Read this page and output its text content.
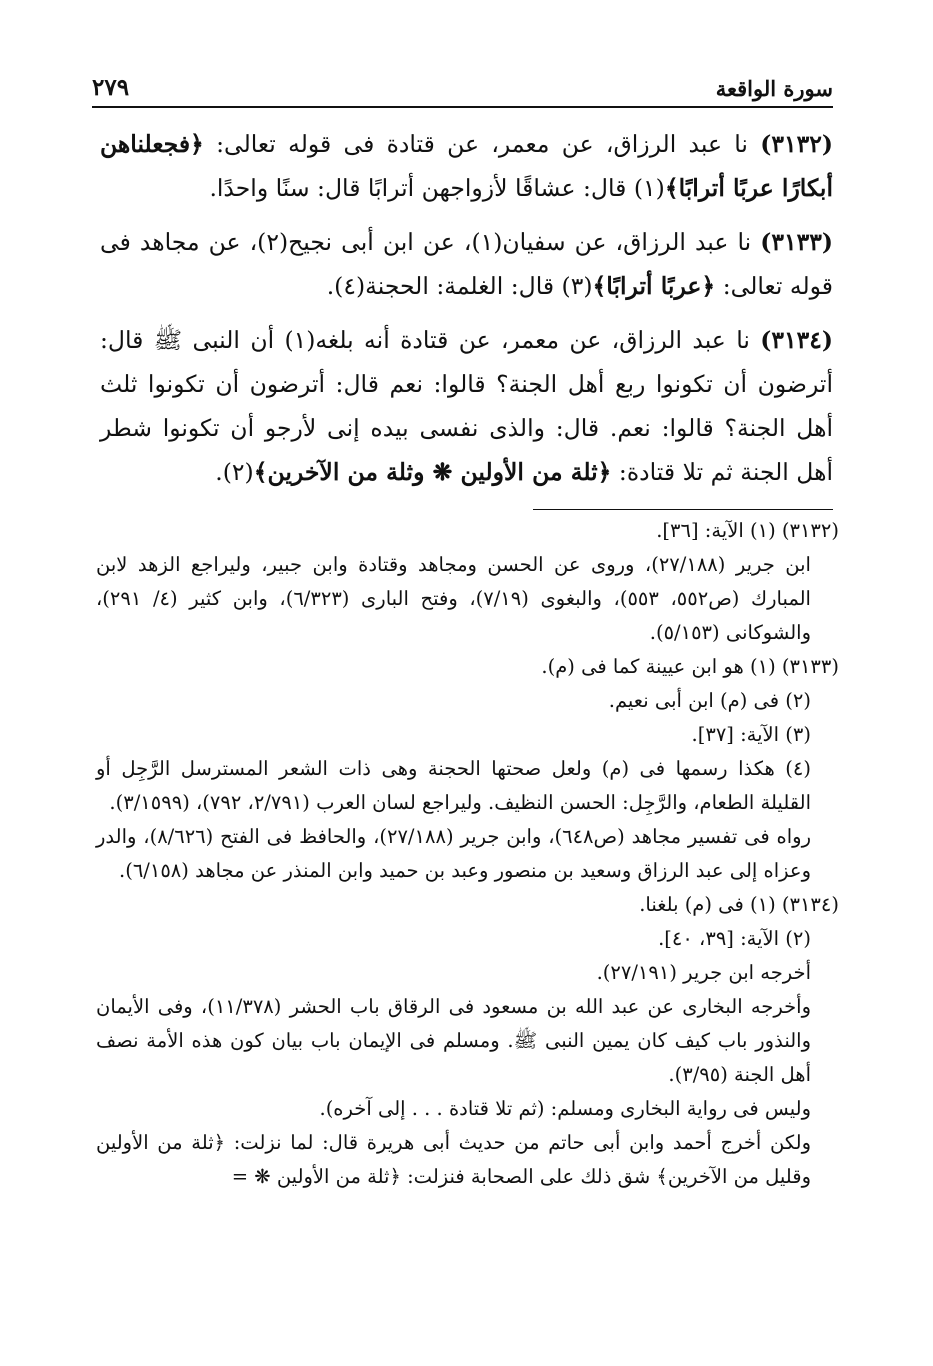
سورة الواقعة
٢٧٩

(٣١٣٢) نا عبد الرزاق، عن معمر، عن قتادة فى قوله تعالى: ﴿فجعلناهن أبكارًا عربًا أترابًا﴾(١) قال: عشاقًا لأزواجهن أترابًا قال: سنًا واحدًا.

(٣١٣٣) نا عبد الرزاق، عن سفيان(١)، عن ابن أبى نجيح(٢)، عن مجاهد فى قوله تعالى: ﴿عربًا أترابًا﴾(٣) قال: الغلمة: الحجنة(٤).

(٣١٣٤) نا عبد الرزاق، عن معمر، عن قتادة أنه بلغه(١) أن النبى ﷺ قال: أترضون أن تكونوا ربع أهل الجنة؟ قالوا: نعم قال: أترضون أن تكونوا ثلث أهل الجنة؟ قالوا: نعم. قال: والذى نفسى بيده إنى لأرجو أن تكونوا شطر أهل الجنة ثم تلا قتادة: ﴿ثلة من الأولين ❋ وثلة من الآخرين﴾(٢).

(٣١٣٢) (١) الآية: [٣٦].

ابن جرير (٢٧/١٨٨)، وروى عن الحسن ومجاهد وقتادة وابن جبير، وليراجع الزهد لابن المبارك (ص٥٥٢، ٥٥٣)، والبغوى (٧/١٩)، وفتح البارى (٦/٣٢٣)، وابن كثير (٤/ ٢٩١)، والشوكانى (٥/١٥٣).

(٣١٣٣) (١) هو ابن عيينة كما فى (م).

(٢) فى (م) ابن أبى نعيم.

(٣) الآية: [٣٧].

(٤) هكذا رسمها فى (م) ولعل صحتها الحجنة وهى ذات الشعر المسترسل الرَّجِل أو القليلة الطعام، والرَّجِل: الحسن النظيف. وليراجع لسان العرب (٢/٧٩١، ٧٩٢)، (٣/١٥٩٩).

رواه فى تفسير مجاهد (ص٦٤٨)، وابن جرير (٢٧/١٨٨)، والحافظ فى الفتح (٨/٦٢٦)، والدر وعزاه إلى عبد الرزاق وسعيد بن منصور وعبد بن حميد وابن المنذر عن مجاهد (٦/١٥٨).

(٣١٣٤) (١) فى (م) بلغنا.

(٢) الآية: [٣٩، ٤٠].

أخرجه ابن جرير (٢٧/١٩١).

وأخرجه البخارى عن عبد الله بن مسعود فى الرقاق باب الحشر (١١/٣٧٨)، وفى الأيمان والنذور باب كيف كان يمين النبى ﷺ. ومسلم فى الإيمان باب بيان كون هذه الأمة نصف أهل الجنة (٣/٩٥).

وليس فى رواية البخارى ومسلم: (ثم تلا قتادة . . . إلى آخره).

ولكن أخرج أحمد وابن أبى حاتم من حديث أبى هريرة قال: لما نزلت: ﴿ثلة من الأولين وقليل من الآخرين﴾ شق ذلك على الصحابة فنزلت: ﴿ثلة من الأولين ❋ =
